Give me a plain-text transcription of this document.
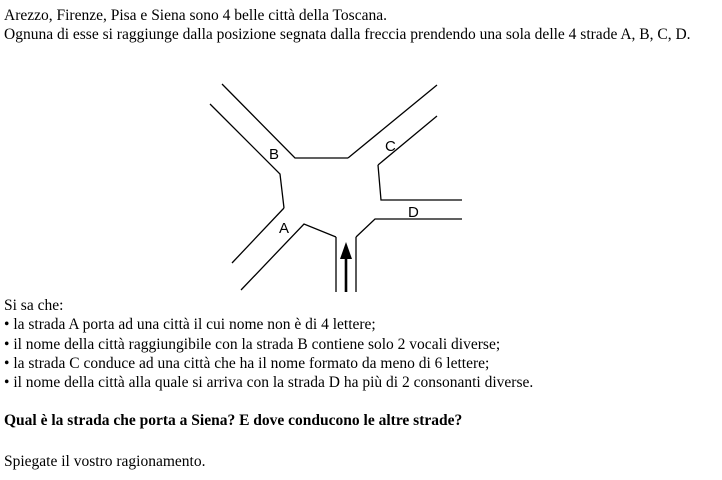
Arezzo, Firenze, Pisa e Siena sono 4 belle città della Toscana.

Ognuna di esse si raggiunge dalla posizione segnata dalla freccia prendendo una sola delle 4 strade A, B, C, D.

B	C
D
A

Si sa che:

• la strada A porta ad una città il cui nome non è di 4 lettere;
• il nome della città raggiungibile con la strada B contiene solo 2 vocali diverse;
• la strada C conduce ad una città che ha il nome formato da meno di 6 lettere;
• il nome della città alla quale si arriva con la strada D ha più di 2 consonanti diverse.

Qual è la strada che porta a Siena? E dove conducono le altre strade?

Spiegate il vostro ragionamento.
